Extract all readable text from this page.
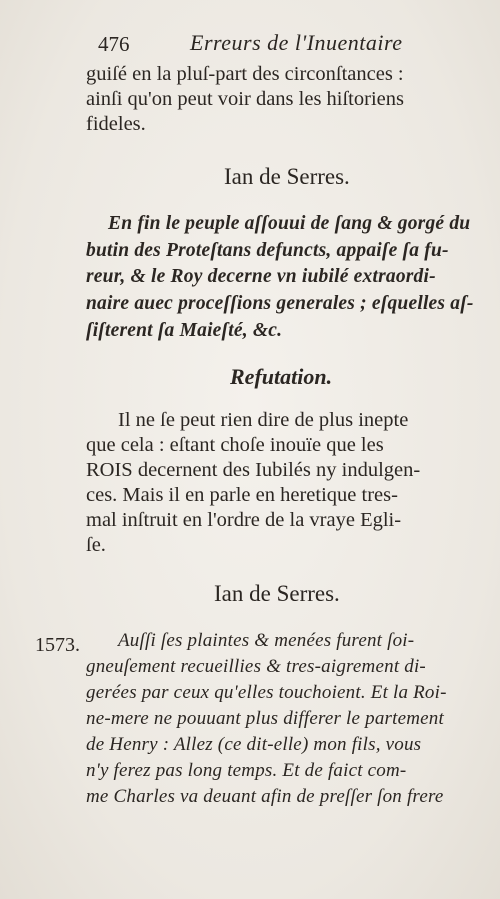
476	Erreurs de l'Inuentaire
guiſé en la pluſ-part des circonſtances :
ainſi qu'on peut voir dans les hiſtoriens
fideles.
Ian de Serres.
En fin le peuple aſſouui de ſang & gorgé du
butin des Proteſtans defuncts, appaiſe ſa fu-
reur, & le Roy decerne vn iubilé extraordi-
naire auec proceſſions generales ; eſquelles aſ-
ſiſterent ſa Maieſté, &c.
Refutation.
Il ne ſe peut rien dire de plus inepte
que cela : eſtant choſe inouïe que les
ROIS decernent des Iubilés ny indulgen-
ces. Mais il en parle en heretique tres-
mal inſtruit en l'ordre de la vraye Egli-
ſe.
Ian de Serres.
1573. Auſſi ſes plaintes & menées furent ſoi-
gneuſement recueillies & tres-aigrement di-
gerées par ceux qu'elles touchoient. Et la Roi-
ne-mere ne pouuant plus differer le partement
de Henry : Allez (ce dit-elle) mon fils, vous
n'y ferez pas long temps. Et de faict com-
me Charles va deuant afin de preſſer ſon frere
